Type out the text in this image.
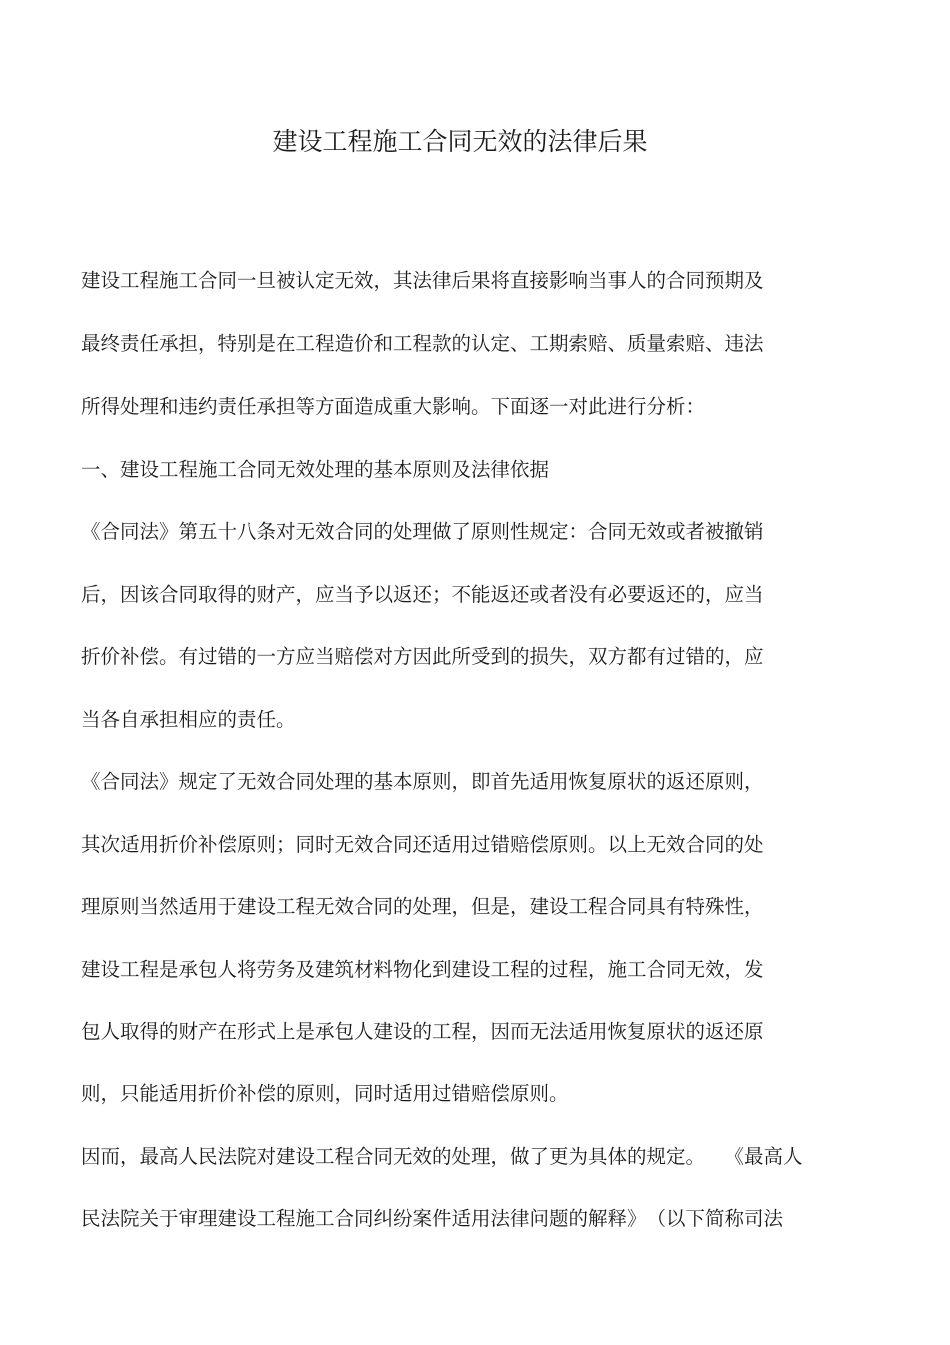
建设工程施工合同无效的法律后果
建设工程施工合同一旦被认定无效，其法律后果将直接影响当事人的合同预期及
最终责任承担，特别是在工程造价和工程款的认定、工期索赔、质量索赔、违法
所得处理和违约责任承担等方面造成重大影响。下面逐一对此进行分析：
一、建设工程施工合同无效处理的基本原则及法律依据
《合同法》第五十八条对无效合同的处理做了原则性规定：合同无效或者被撤销
后，因该合同取得的财产，应当予以返还；不能返还或者没有必要返还的，应当
折价补偿。有过错的一方应当赔偿对方因此所受到的损失，双方都有过错的，应
当各自承担相应的责任。
《合同法》规定了无效合同处理的基本原则，即首先适用恢复原状的返还原则，
其次适用折价补偿原则；同时无效合同还适用过错赔偿原则。以上无效合同的处
理原则当然适用于建设工程无效合同的处理，但是，建设工程合同具有特殊性，
建设工程是承包人将劳务及建筑材料物化到建设工程的过程，施工合同无效，发
包人取得的财产在形式上是承包人建设的工程，因而无法适用恢复原状的返还原
则，只能适用折价补偿的原则，同时适用过错赔偿原则。
因而，最高人民法院对建设工程合同无效的处理，做了更为具体的规定。　　《最高人
民法院关于审理建设工程施工合同纠纷案件适用法律问题的解释》　（以下简称司法
